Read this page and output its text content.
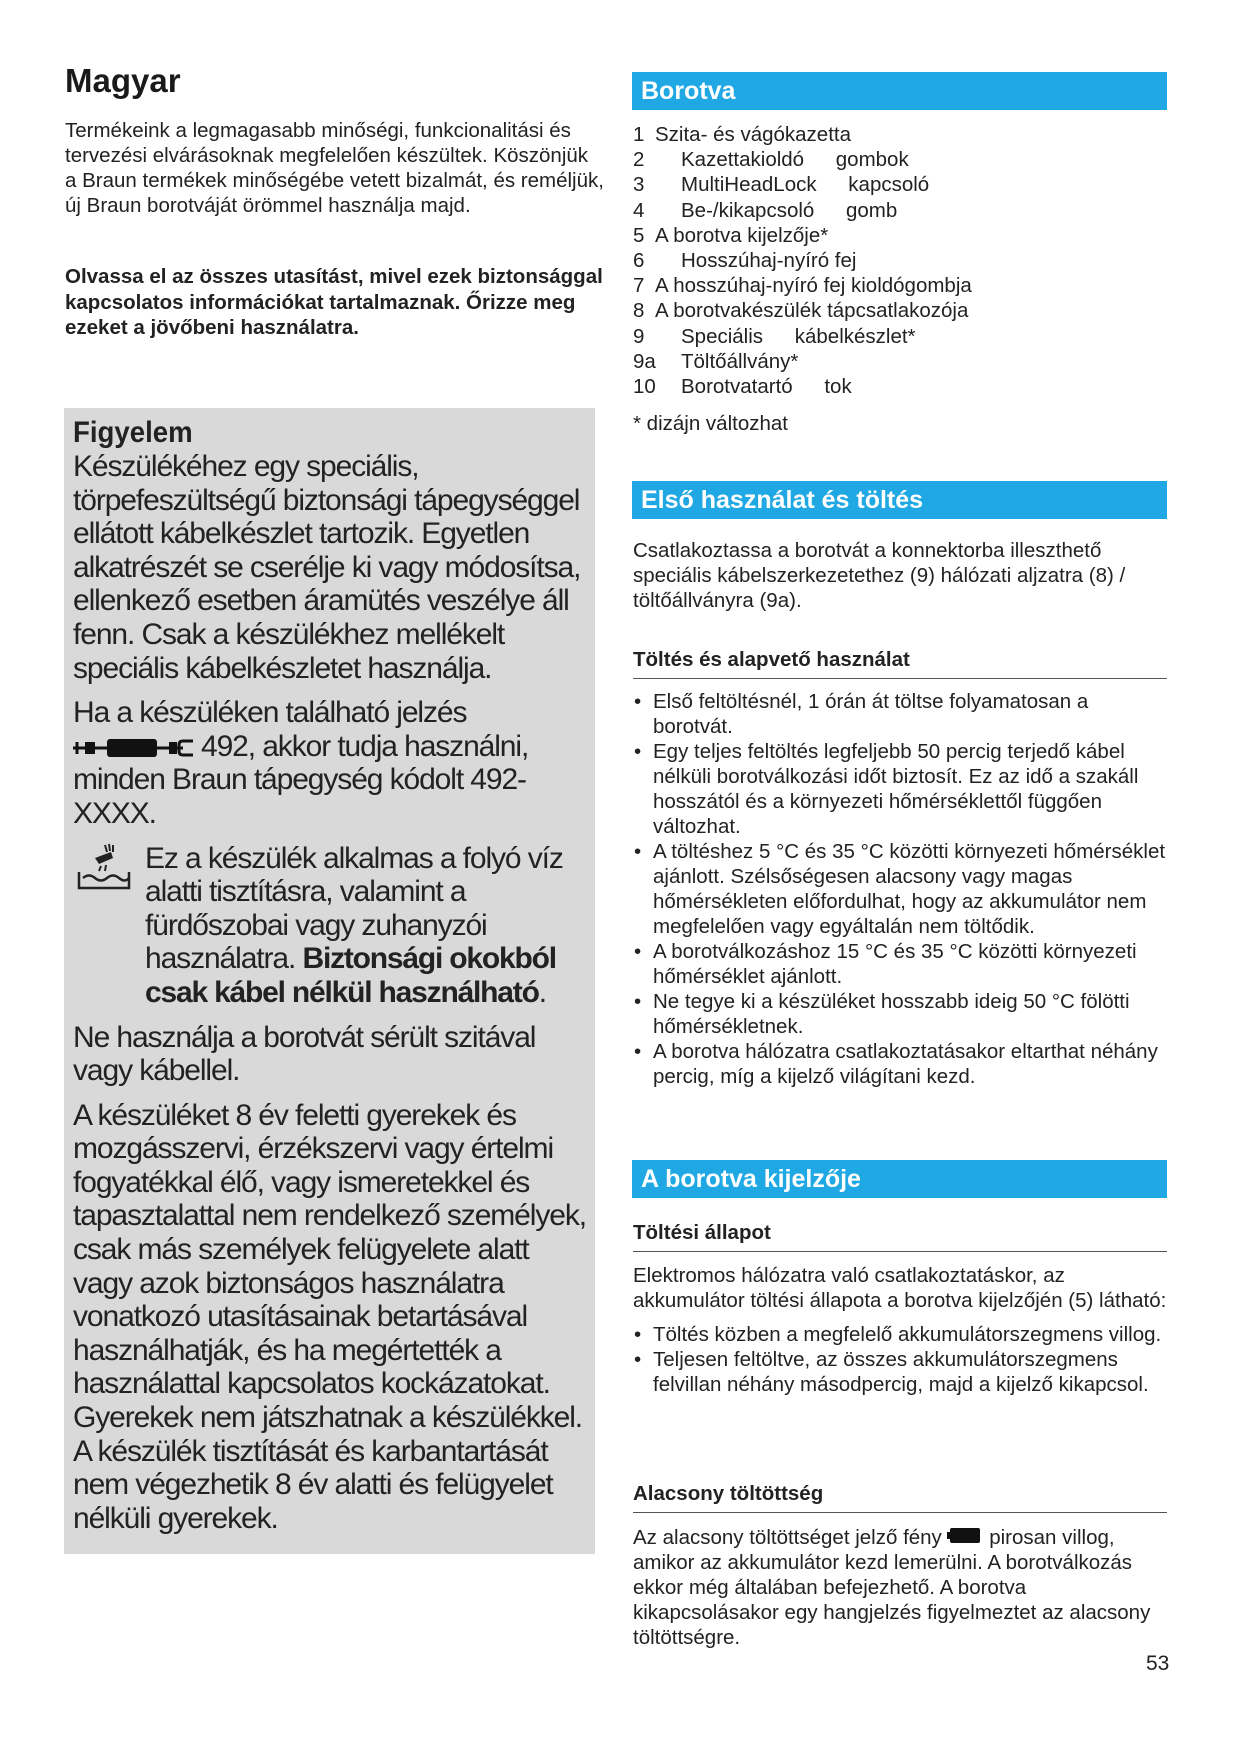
Magyar

Termékeink a legmagasabb minőségi, funkcionalitási és tervezési elvárásoknak megfelelően készültek. Köszönjük a Braun termékek minőségébe vetett bizalmát, és reméljük, új Braun borotváját örömmel használja majd.

Olvassa el az összes utasítást, mivel ezek biztonsággal kapcsolatos információkat tartalmaznak. Őrizze meg ezeket a jövőbeni használatra.

Figyelem

Készülékéhez egy speciális, törpefeszültségű biztonsági tápegységgel ellátott kábelkészlet tartozik. Egyetlen alkatrészét se cserélje ki vagy módosítsa, ellenkező esetben áramütés veszélye áll fenn. Csak a készülékhez mellékelt speciális kábelkészletet használja.

Ha a készüléken található jelzés
492, akkor tudja használni, minden Braun tápegység kódolt 492-XXXX.

Ez a készülék alkalmas a folyó víz alatti tisztításra, valamint a fürdőszobai vagy zuhanyzói használatra. Biztonsági okokból csak kábel nélkül használható.

Ne használja a borotvát sérült szitával vagy kábellel.

A készüléket 8 év feletti gyerekek és mozgásszervi, érzékszervi vagy értelmi fogyatékkal élő, vagy ismeretekkel és tapasztalattal nem rendelkező személyek, csak más személyek felügyelete alatt vagy azok biztonságos használatra vonatkozó utasításainak betartásával használhatják, és ha megértették a használattal kapcsolatos kockázatokat. Gyerekek nem játszhatnak a készülékkel. A készülék tisztítását és karbantartását nem végezhetik 8 év alatti és felügyelet nélküli gyerekek.

Borotva
1 Szita- és vágókazetta
2	Kazettakioldó gombok
3	MultiHeadLock kapcsoló
4	Be-/kikapcsoló gomb
5 A borotva kijelzője*
6	Hosszúhaj-nyíró fej
7 A hosszúhaj-nyíró fej kioldógombja
8 A borotvakészülék tápcsatlakozója
9	Speciális kábelkészlet*
9a	Töltőállvány*
10	Borotvatartó tok

* dizájn változhat

Első használat és töltés

Csatlakoztassa a borotvát a konnektorba illeszthető speciális kábelszerkezetethez (9) hálózati aljzatra (8) / töltőállványra (9a).

Töltés és alapvető használat

• Első feltöltésnél, 1 órán át töltse folyamatosan a borotvát.
• Egy teljes feltöltés legfeljebb 50 percig terjedő kábel nélküli borotválkozási időt biztosít. Ez az idő a szakáll hosszától és a környezeti hőmérséklettől függően változhat.
• A töltéshez 5 °C és 35 °C közötti környezeti hőmérséklet ajánlott. Szélsőségesen alacsony vagy magas hőmérsékleten előfordulhat, hogy az akkumulátor nem megfelelően vagy egyáltalán nem töltődik.
• A borotválkozáshoz 15 °C és 35 °C közötti környezeti hőmérséklet ajánlott.
• Ne tegye ki a készüléket hosszabb ideig 50 °C fölötti hőmérsékletnek.
• A borotva hálózatra csatlakoztatásakor eltarthat néhány percig, míg a kijelző világítani kezd.
A borotva kijelzője

Töltési állapot

Elektromos hálózatra való csatlakoztatáskor, az akkumulátor töltési állapota a borotva kijelzőjén (5) látható:

• Töltés közben a megfelelő akkumulátorszegmens villog.
• Teljesen feltöltve, az összes akkumulátorszegmens felvillan néhány másodpercig, majd a kijelző kikapcsol.

Alacsony töltöttség

Az alacsony töltöttséget jelző fény pirosan villog, amikor az akkumulátor kezd lemerülni. A borotválkozás ekkor még általában befejezhető. A borotva kikapcsolásakor egy hangjelzés figyelmeztet az alacsony töltöttségre.

53
